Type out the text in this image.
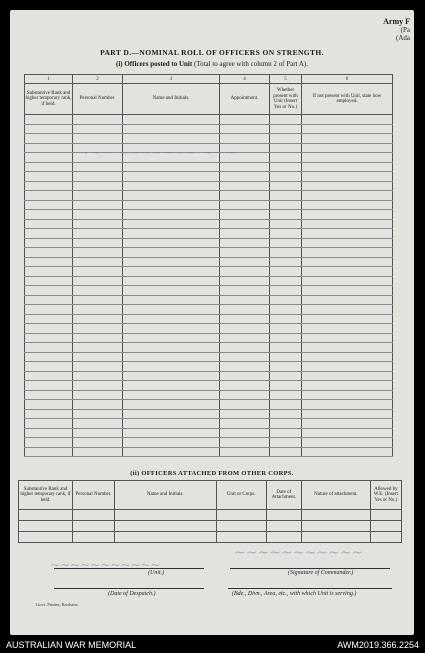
Army F
(Pa
(Ada
PART D.—NOMINAL ROLL OF OFFICERS ON STRENGTH.
(i) Officers posted to Unit (Total to agree with column 2 of Part A).
1	2	3	4	5	6
Substantive Rank and higher temporary rank, if held.	Personal Number.	Name and Initials.	Appointment.	Whether present with Unit (Insert Yes or No.)	If not present with Unit, state how employed.

~~~ ~~~~~~~ ~~~
(ii) OFFICERS ATTACHED FROM OTHER CORPS.
Substantive Rank and higher temporary rank, if held.	Personal Number.	Name and Initials.	Unit or Corps.	Date of Attachment.	Nature of attachment.	Allowed by W.E. (Insert Yes or No.)

~~~~~~~~~~~
~~~~~~~~~~~
(Unit.)	(Signature of Commander.)
(Date of Despatch.)	(Bde., Divn., Area, etc., with which Unit is serving.)
Govt. Printer, Brisbane.
AUSTRALIAN WAR MEMORIAL	AWM2019.366.2254
